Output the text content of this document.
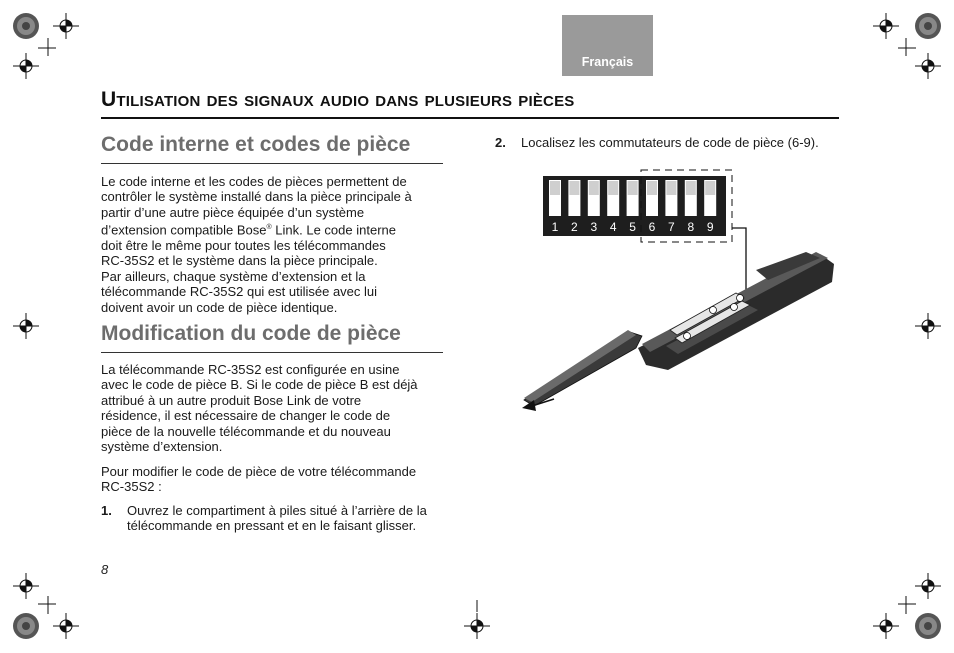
Français
Utilisation des signaux audio dans plusieurs pièces
Code interne et codes de pièce
Le code interne et les codes de pièces permettent de
contrôler le système installé dans la pièce principale à
partir d’une autre pièce équipée d’un système
d’extension compatible Bose® Link. Le code interne
doit être le même pour toutes les télécommandes
RC-35S2 et le système dans la pièce principale.
Par ailleurs, chaque système d’extension et la
télécommande RC-35S2 qui est utilisée avec lui
doivent avoir un code de pièce identique.
Modification du code de pièce
La télécommande RC-35S2 est configurée en usine
avec le code de pièce B. Si le code de pièce B est déjà
attribué à un autre produit Bose Link de votre
résidence, il est nécessaire de changer le code de
pièce de la nouvelle télécommande et du nouveau
système d’extension.
Pour modifier le code de pièce de votre télécommande
RC-35S2 :
1. Ouvrez le compartiment à piles situé à l’arrière de la
télécommande en pressant et en le faisant glisser.
2. Localisez les commutateurs de code de pièce (6-9).
1 2 3 4 5 6 7 8 9
8
